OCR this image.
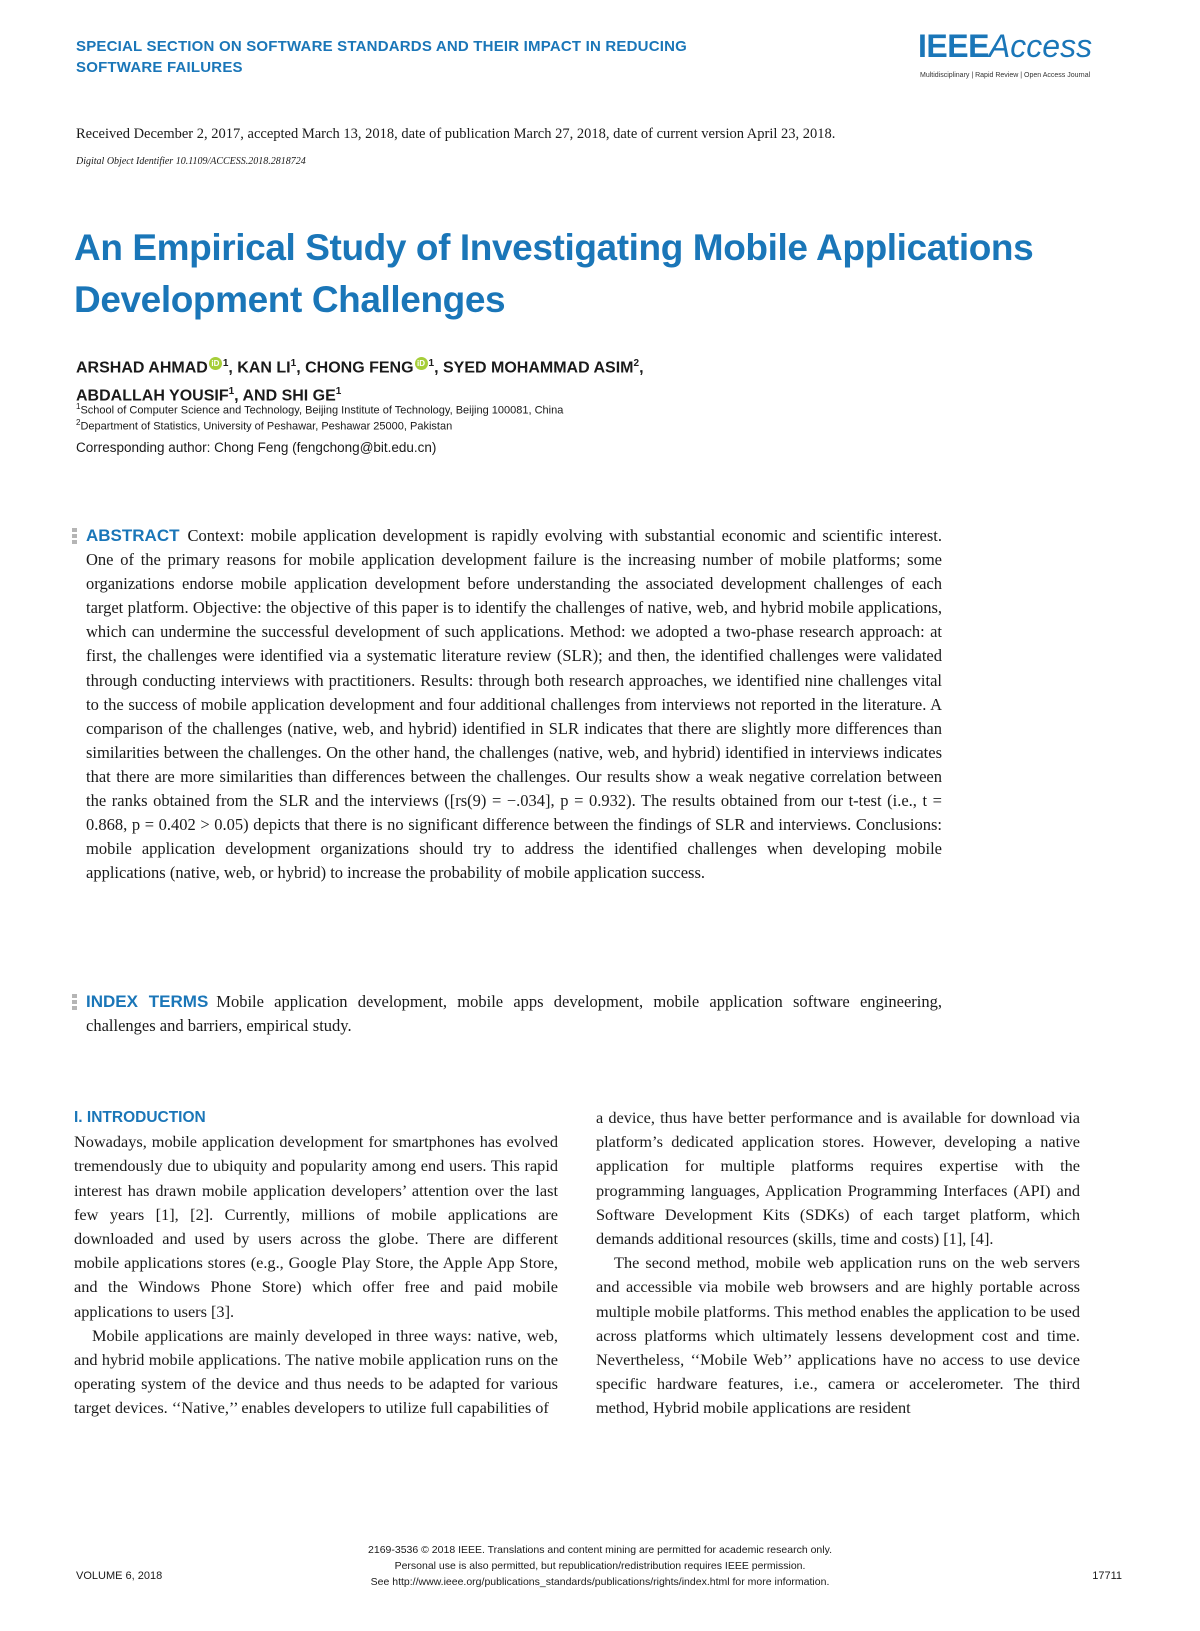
SPECIAL SECTION ON SOFTWARE STANDARDS AND THEIR IMPACT IN REDUCING SOFTWARE FAILURES
IEEEAccess
Multidisciplinary | Rapid Review | Open Access Journal
Received December 2, 2017, accepted March 13, 2018, date of publication March 27, 2018, date of current version April 23, 2018.
Digital Object Identifier 10.1109/ACCESS.2018.2818724
An Empirical Study of Investigating Mobile Applications Development Challenges
ARSHAD AHMAD iD $^1$, KAN $LI^1$, CHONG FENG iD $^1$, SYED MOHAMMAD ASIM$^2$,
ABDALLAH YOUSIF$^1$, AND SHI $GE^1$
$^1$School of Computer Science and Technology, Beijing Institute of Technology, Beijing 100081, China
$^2$Department of Statistics, University of Peshawar, Peshawar 25000, Pakistan
Corresponding author: Chong Feng (fengchong@bit.edu.cn)
ABSTRACT Context: mobile application development is rapidly evolving with substantial economic and scientific interest. One of the primary reasons for mobile application development failure is the increasing number of mobile platforms; some organizations endorse mobile application development before understanding the associated development challenges of each target platform. Objective: the objective of this paper is to identify the challenges of native, web, and hybrid mobile applications, which can undermine the successful development of such applications. Method: we adopted a two-phase research approach: at first, the challenges were identified via a systematic literature review (SLR); and then, the identified challenges were validated through conducting interviews with practitioners. Results: through both research approaches, we identified nine challenges vital to the success of mobile application development and four additional challenges from interviews not reported in the literature. A comparison of the challenges (native, web, and hybrid) identified in SLR indicates that there are slightly more differences than similarities between the challenges. On the other hand, the challenges (native, web, and hybrid) identified in interviews indicates that there are more similarities than differences between the challenges. Our results show a weak negative correlation between the ranks obtained from the SLR and the interviews ([rs(9) = −.034], p = 0.932). The results obtained from our t-test (i.e., t = 0.868, p = 0.402 > 0.05) depicts that there is no significant difference between the findings of SLR and interviews. Conclusions: mobile application development organizations should try to address the identified challenges when developing mobile applications (native, web, or hybrid) to increase the probability of mobile application success.
INDEX TERMS Mobile application development, mobile apps development, mobile application software engineering, challenges and barriers, empirical study.
I. INTRODUCTION

Nowadays, mobile application development for smartphones has evolved tremendously due to ubiquity and popularity among end users. This rapid interest has drawn mobile application developers’ attention over the last few years [1], [2]. Currently, millions of mobile applications are downloaded and used by users across the globe. There are different mobile applications stores (e.g., Google Play Store, the Apple App Store, and the Windows Phone Store) which offer free and paid mobile applications to users [3].

Mobile applications are mainly developed in three ways: native, web, and hybrid mobile applications. The native mobile application runs on the operating system of the device and thus needs to be adapted for various target devices. ‘‘Native,’’ enables developers to utilize full capabilities of

a device, thus have better performance and is available for download via platform’s dedicated application stores. However, developing a native application for multiple platforms requires expertise with the programming languages, Application Programming Interfaces (API) and Software Development Kits (SDKs) of each target platform, which demands additional resources (skills, time and costs) [1], [4].

The second method, mobile web application runs on the web servers and accessible via mobile web browsers and are highly portable across multiple mobile platforms. This method enables the application to be used across platforms which ultimately lessens development cost and time. Nevertheless, ‘‘Mobile Web’’ applications have no access to use device specific hardware features, i.e., camera or accelerometer. The third method, Hybrid mobile applications are resident

2169-3536 © 2018 IEEE. Translations and content mining are permitted for academic research only.
Personal use is also permitted, but republication/redistribution requires IEEE permission.
See http://www.ieee.org/publications_standards/publications/rights/index.html for more information.
VOLUME 6, 2018	17711
